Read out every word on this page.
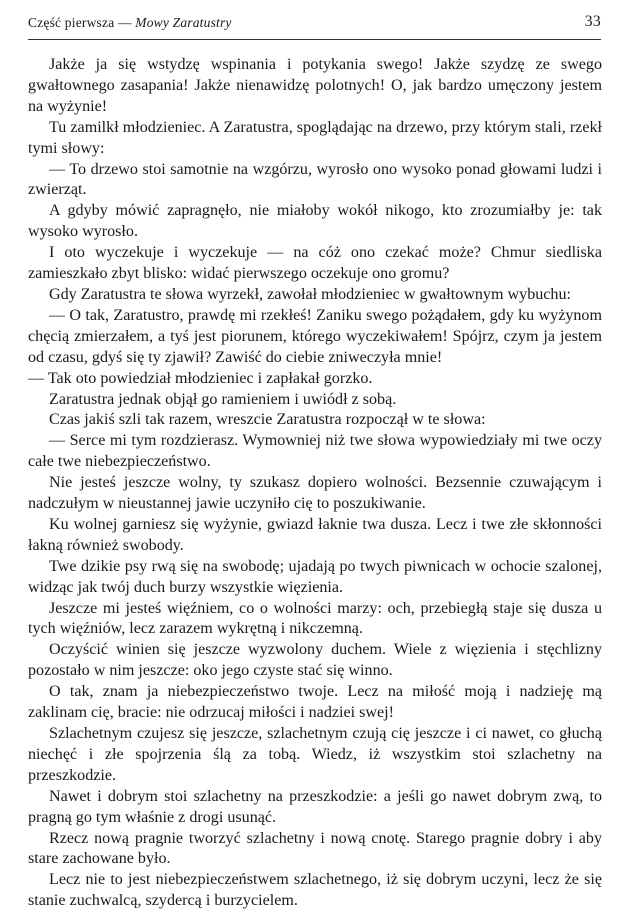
Część pierwsza — Mowy Zaratustry	33

Jakże ja się wstydzę wspinania i potykania swego! Jakże szydzę ze swego gwałtownego zasapania! Jakże nienawidzę polotnych! O, jak bardzo umęczony jestem na wyżynie!

Tu zamilkł młodzieniec. A Zaratustra, spoglądając na drzewo, przy którym stali, rzekł tymi słowy:

— To drzewo stoi samotnie na wzgórzu, wyrosło ono wysoko ponad głowami ludzi i zwierząt.

A gdyby mówić zapragnęło, nie miałoby wokół nikogo, kto zrozumiałby je: tak wysoko wyrosło.

I oto wyczekuje i wyczekuje — na cóż ono czekać może? Chmur siedliska zamieszkało zbyt blisko: widać pierwszego oczekuje ono gromu?

Gdy Zaratustra te słowa wyrzekł, zawołał młodzieniec w gwałtownym wybuchu:

— O tak, Zaratustro, prawdę mi rzekłeś! Zaniku swego pożądałem, gdy ku wyżynom chęcią zmierzałem, a tyś jest piorunem, którego wyczekiwałem! Spójrz, czym ja jestem od czasu, gdyś się ty zjawił? Zawiść do ciebie zniweczyła mnie!

— Tak oto powiedział młodzieniec i zapłakał gorzko.

Zaratustra jednak objął go ramieniem i uwiódł z sobą.

Czas jakiś szli tak razem, wreszcie Zaratustra rozpoczął w te słowa:

— Serce mi tym rozdzierasz. Wymowniej niż twe słowa wypowiedziały mi twe oczy całe twe niebezpieczeństwo.

Nie jesteś jeszcze wolny, ty szukasz dopiero wolności. Bezsennie czuwającym i nadczułym w nieustannej jawie uczyniło cię to poszukiwanie.

Ku wolnej garniesz się wyżynie, gwiazd łaknie twa dusza. Lecz i twe złe skłonności łakną również swobody.

Twe dzikie psy rwą się na swobodę; ujadają po twych piwnicach w ochocie szalonej, widząc jak twój duch burzy wszystkie więzienia.

Jeszcze mi jesteś więźniem, co o wolności marzy: och, przebiegłą staje się dusza u tych więźniów, lecz zarazem wykrętną i nikczemną.

Oczyścić winien się jeszcze wyzwolony duchem. Wiele z więzienia i stęchlizny pozostało w nim jeszcze: oko jego czyste stać się winno.

O tak, znam ja niebezpieczeństwo twoje. Lecz na miłość moją i nadzieję mą zaklinam cię, bracie: nie odrzucaj miłości i nadziei swej!

Szlachetnym czujesz się jeszcze, szlachetnym czują cię jeszcze i ci nawet, co głuchą niechęć i złe spojrzenia ślą za tobą. Wiedz, iż wszystkim stoi szlachetny na przeszkodzie.

Nawet i dobrym stoi szlachetny na przeszkodzie: a jeśli go nawet dobrym zwą, to pragną go tym właśnie z drogi usunąć.

Rzecz nową pragnie tworzyć szlachetny i nową cnotę. Starego pragnie dobry i aby stare zachowane było.

Lecz nie to jest niebezpieczeństwem szlachetnego, iż się dobrym uczyni, lecz że się stanie zuchwalcą, szydercą i burzycielem.
